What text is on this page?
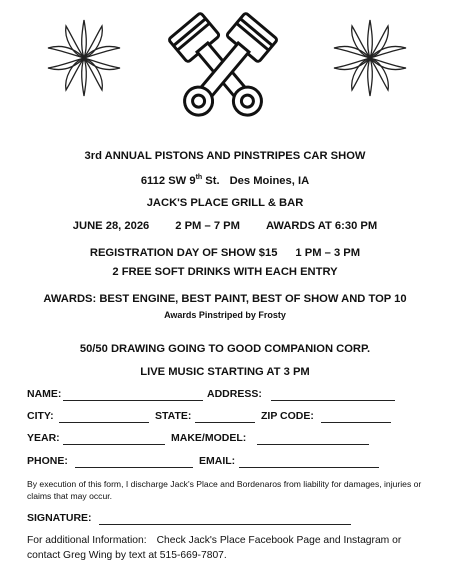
3rd ANNUAL PISTONS AND PINSTRIPES CAR SHOW
6112 SW 9th St. Des Moines, IA
JACK'S PLACE GRILL & BAR
JUNE 28, 2026 2 PM – 7 PM AWARDS AT 6:30 PM
REGISTRATION DAY OF SHOW $15 1 PM – 3 PM
2 FREE SOFT DRINKS WITH EACH ENTRY
AWARDS: BEST ENGINE, BEST PAINT, BEST OF SHOW AND TOP 10
Awards Pinstriped by Frosty
50/50 DRAWING GOING TO GOOD COMPANION CORP.
LIVE MUSIC STARTING AT 3 PM
NAME:	ADDRESS:
CITY:	STATE:	ZIP CODE:
YEAR:	MAKE/MODEL:
PHONE:	EMAIL:
By execution of this form, I discharge Jack's Place and Bordenaros from liability for damages, injuries or claims that may occur.
SIGNATURE:
For additional Information: Check Jack's Place Facebook Page and Instagram or contact Greg Wing by text at 515-669-7807.
